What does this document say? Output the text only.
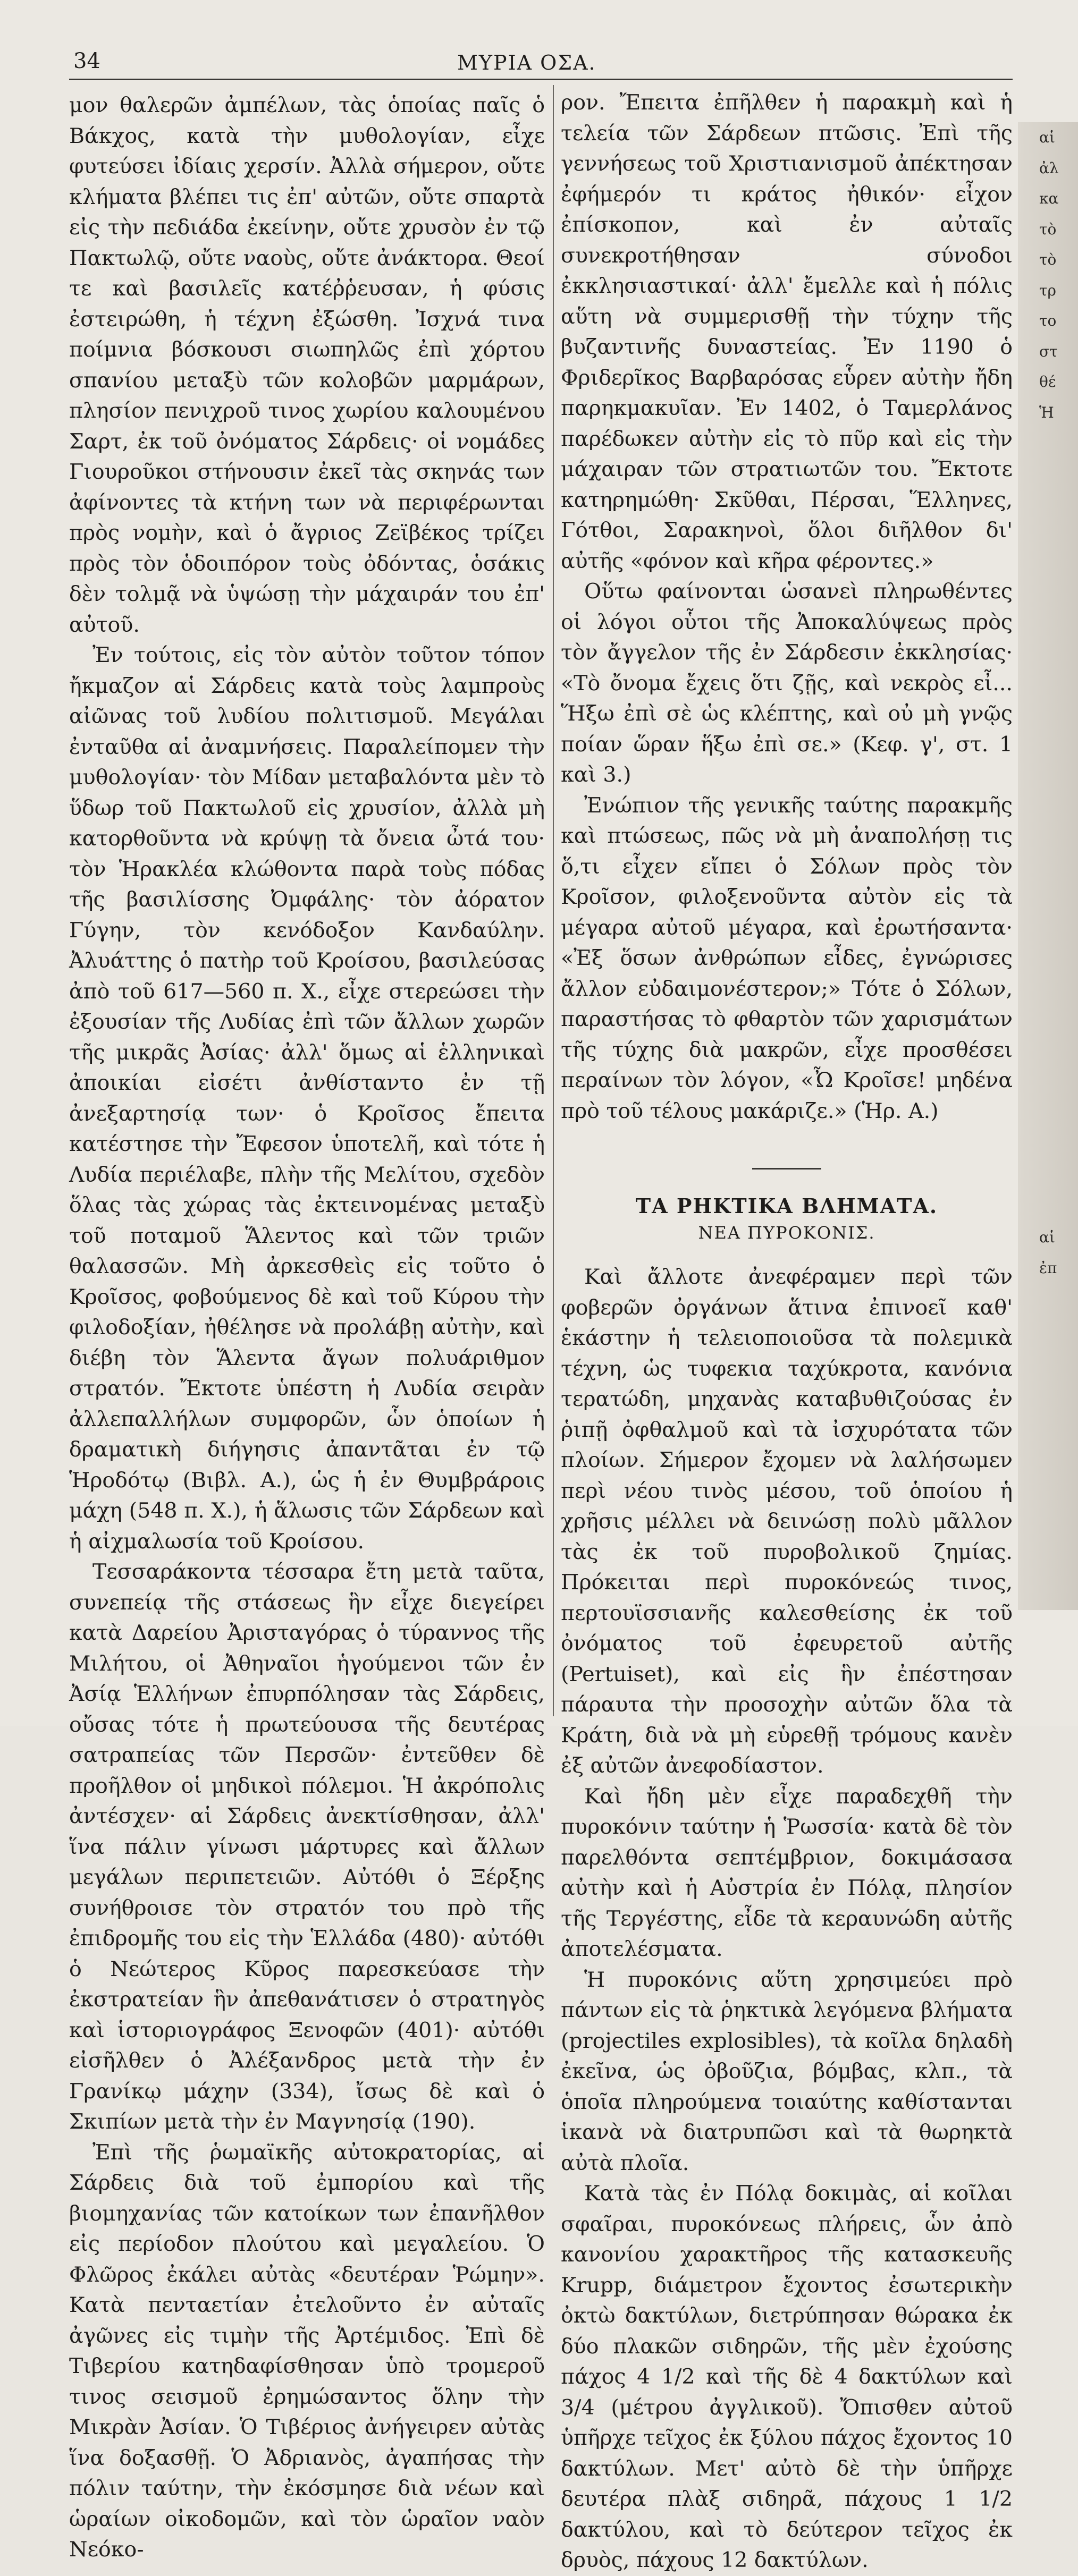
34	ΜΥΡΙΑ ΟΣΑ.

μον θαλερῶν ἀμπέλων, τὰς ὁποίας παῖς ὁ Βάκχος, κατὰ τὴν μυθολογίαν, εἶχε φυτεύσει ἰδίαις χερσίν. Ἀλλὰ σήμερον, οὔτε κλήματα βλέπει τις ἐπ' αὐτῶν, οὔτε σπαρτὰ εἰς τὴν πεδιάδα ἐκείνην, οὔτε χρυσὸν ἐν τῷ Πακτωλῷ, οὔτε ναοὺς, οὔτε ἀνάκτορα. Θεοί τε καὶ βασιλεῖς κατέῤῥευσαν, ἡ φύσις ἐστειρώθη, ἡ τέχνη ἐξώσθη. Ἰσχνά τινα ποίμνια βόσκουσι σιωπηλῶς ἐπὶ χόρτου σπανίου μεταξὺ τῶν κολοβῶν μαρμάρων, πλησίον πενιχροῦ τινος χωρίου καλουμένου Σαρτ, ἐκ τοῦ ὀνόματος Σάρδεις· οἱ νομάδες Γιουροῦκοι στήνουσιν ἐκεῖ τὰς σκηνάς των ἀφίνοντες τὰ κτήνη των νὰ περιφέρωνται πρὸς νομὴν, καὶ ὁ ἄγριος Ζεϊβέκος τρίζει πρὸς τὸν ὁδοιπόρον τοὺς ὀδόντας, ὁσάκις δὲν τολμᾷ νὰ ὑψώσῃ τὴν μάχαιράν του ἐπ' αὐτοῦ.

Ἐν τούτοις, εἰς τὸν αὐτὸν τοῦτον τόπον ἤκμαζον αἱ Σάρδεις κατὰ τοὺς λαμπροὺς αἰῶνας τοῦ λυδίου πολιτισμοῦ. Μεγάλαι ἐνταῦθα αἱ ἀναμνήσεις. Παραλείπομεν τὴν μυθολογίαν· τὸν Μίδαν μεταβαλόντα μὲν τὸ ὕδωρ τοῦ Πακτωλοῦ εἰς χρυσίον, ἀλλὰ μὴ κατορθοῦντα νὰ κρύψῃ τὰ ὄνεια ὦτά του· τὸν Ἡρακλέα κλώθοντα παρὰ τοὺς πόδας τῆς βασιλίσσης Ὀμφάλης· τὸν ἀόρατον Γύγην, τὸν κενόδοξον Κανδαύλην. Ἀλυάττης ὁ πατὴρ τοῦ Κροίσου, βασιλεύσας ἀπὸ τοῦ 617—560 π. Χ., εἶχε στερεώσει τὴν ἐξουσίαν τῆς Λυδίας ἐπὶ τῶν ἄλλων χωρῶν τῆς μικρᾶς Ἀσίας· ἀλλ' ὅμως αἱ ἑλληνικαὶ ἀποικίαι εἰσέτι ἀνθίσταντο ἐν τῇ ἀνεξαρτησίᾳ των· ὁ Κροῖσος ἔπειτα κατέστησε τὴν Ἔφεσον ὑποτελῆ, καὶ τότε ἡ Λυδία περιέλαβε, πλὴν τῆς Μελίτου, σχεδὸν ὅλας τὰς χώρας τὰς ἐκτεινομένας μεταξὺ τοῦ ποταμοῦ Ἅλεντος καὶ τῶν τριῶν θαλασσῶν. Μὴ ἀρκεσθεὶς εἰς τοῦτο ὁ Κροῖσος, φοβούμενος δὲ καὶ τοῦ Κύρου τὴν φιλοδοξίαν, ἠθέλησε νὰ προλάβῃ αὐτὴν, καὶ διέβη τὸν Ἅλεντα ἄγων πολυάριθμον στρατόν. Ἔκτοτε ὑπέστη ἡ Λυδία σειρὰν ἀλλεπαλλήλων συμφορῶν, ὧν ὁποίων ἡ δραματικὴ διήγησις ἀπαντᾶται ἐν τῷ Ἡροδότῳ (Βιβλ. Α.), ὡς ἡ ἐν Θυμβράροις μάχη (548 π. Χ.), ἡ ἅλωσις τῶν Σάρδεων καὶ ἡ αἰχμαλωσία τοῦ Κροίσου.

Τεσσαράκοντα τέσσαρα ἔτη μετὰ ταῦτα, συνεπείᾳ τῆς στάσεως ἣν εἶχε διεγείρει κατὰ Δαρείου Ἀρισταγόρας ὁ τύραννος τῆς Μιλήτου, οἱ Ἀθηναῖοι ἡγούμενοι τῶν ἐν Ἀσίᾳ Ἑλλήνων ἐπυρπόλησαν τὰς Σάρδεις, οὔσας τότε ἡ πρωτεύουσα τῆς δευτέρας σατραπείας τῶν Περσῶν· ἐντεῦθεν δὲ προῆλθον οἱ μηδικοὶ πόλεμοι. Ἡ ἀκρόπολις ἀντέσχεν· αἱ Σάρδεις ἀνεκτίσθησαν, ἀλλ' ἵνα πάλιν γίνωσι μάρτυρες καὶ ἄλλων μεγάλων περιπετειῶν. Αὐτόθι ὁ Ξέρξης συνήθροισε τὸν στρατόν του πρὸ τῆς ἐπιδρομῆς του εἰς τὴν Ἑλλάδα (480)· αὐτόθι ὁ Νεώτερος Κῦρος παρεσκεύασε τὴν ἐκστρατείαν ἣν ἀπεθανάτισεν ὁ στρατηγὸς καὶ ἱστοριογράφος Ξενοφῶν (401)· αὐτόθι εἰσῆλθεν ὁ Ἀλέξανδρος μετὰ τὴν ἐν Γρανίκῳ μάχην (334), ἴσως δὲ καὶ ὁ Σκιπίων μετὰ τὴν ἐν Μαγνησίᾳ (190).

Ἐπὶ τῆς ῥωμαϊκῆς αὐτοκρατορίας, αἱ Σάρδεις διὰ τοῦ ἐμπορίου καὶ τῆς βιομηχανίας τῶν κατοίκων των ἐπανῆλθον εἰς περίοδον πλούτου καὶ μεγαλείου. Ὁ Φλῶρος ἐκάλει αὐτὰς «δευτέραν Ῥώμην». Κατὰ πενταετίαν ἐτελοῦντο ἐν αὐταῖς ἀγῶνες εἰς τιμὴν τῆς Ἀρτέμιδος. Ἐπὶ δὲ Τιβερίου κατηδαφίσθησαν ὑπὸ τρομεροῦ τινος σεισμοῦ ἐρημώσαντος ὅλην τὴν Μικρὰν Ἀσίαν. Ὁ Τιβέριος ἀνήγειρεν αὐτὰς ἵνα δοξασθῇ. Ὁ Ἀδριανὸς, ἀγαπήσας τὴν πόλιν ταύτην, τὴν ἐκόσμησε διὰ νέων καὶ ὡραίων οἰκοδομῶν, καὶ τὸν ὡραῖον ναὸν Νεόκο-

ρον. Ἔπειτα ἐπῆλθεν ἡ παρακμὴ καὶ ἡ τελεία τῶν Σάρδεων πτῶσις. Ἐπὶ τῆς γεννήσεως τοῦ Χριστιανισμοῦ ἀπέκτησαν ἐφήμερόν τι κράτος ἠθικόν· εἶχον ἐπίσκοπον, καὶ ἐν αὐταῖς συνεκροτήθησαν σύνοδοι ἐκκλησιαστικαί· ἀλλ' ἔμελλε καὶ ἡ πόλις αὕτη νὰ συμμερισθῇ τὴν τύχην τῆς βυζαντινῆς δυναστείας. Ἐν 1190 ὁ Φριδερῖκος Βαρβαρόσας εὗρεν αὐτὴν ἤδη παρηκμακυῖαν. Ἐν 1402, ὁ Ταμερλάνος παρέδωκεν αὐτὴν εἰς τὸ πῦρ καὶ εἰς τὴν μάχαιραν τῶν στρατιωτῶν του. Ἔκτοτε κατηρημώθη· Σκῦθαι, Πέρσαι, Ἕλληνες, Γότθοι, Σαρακηνοὶ, ὅλοι διῆλθον δι' αὐτῆς «φόνον καὶ κῆρα φέροντες.»

Οὕτω φαίνονται ὡσανεὶ πληρωθέντες οἱ λόγοι οὗτοι τῆς Ἀποκαλύψεως πρὸς τὸν ἄγγελον τῆς ἐν Σάρδεσιν ἐκκλησίας· «Τὸ ὄνομα ἔχεις ὅτι ζῇς, καὶ νεκρὸς εἶ... Ἥξω ἐπὶ σὲ ὡς κλέπτης, καὶ οὐ μὴ γνῷς ποίαν ὥραν ἥξω ἐπὶ σε.» (Κεφ. γ', στ. 1 καὶ 3.)

Ἐνώπιον τῆς γενικῆς ταύτης παρακμῆς καὶ πτώσεως, πῶς νὰ μὴ ἀναπολήσῃ τις ὅ,τι εἶχεν εἴπει ὁ Σόλων πρὸς τὸν Κροῖσον, φιλοξενοῦντα αὐτὸν εἰς τὰ μέγαρα αὐτοῦ μέγαρα, καὶ ἐρωτήσαντα· «Ἐξ ὅσων ἀνθρώπων εἶδες, ἐγνώρισες ἄλλον εὐδαιμονέστερον;» Τότε ὁ Σόλων, παραστήσας τὸ φθαρτὸν τῶν χαρισμάτων τῆς τύχης διὰ μακρῶν, εἶχε προσθέσει περαίνων τὸν λόγον, «Ὦ Κροῖσε! μηδένα πρὸ τοῦ τέλους μακάριζε.» (Ἡρ. Α.)

ΤΑ ΡΗΚΤΙΚΑ ΒΛΗΜΑΤΑ.
ΝΕΑ ΠΥΡΟΚΟΝΙΣ.

Καὶ ἄλλοτε ἀνεφέραμεν περὶ τῶν φοβερῶν ὀργάνων ἅτινα ἐπινοεῖ καθ' ἑκάστην ἡ τελειοποιοῦσα τὰ πολεμικὰ τέχνη, ὡς τυφεκια ταχύκροτα, κανόνια τερατώδη, μηχανὰς καταβυθιζούσας ἐν ῥιπῇ ὀφθαλμοῦ καὶ τὰ ἰσχυρότατα τῶν πλοίων. Σήμερον ἔχομεν νὰ λαλήσωμεν περὶ νέου τινὸς μέσου, τοῦ ὁποίου ἡ χρῆσις μέλλει νὰ δεινώσῃ πολὺ μᾶλλον τὰς ἐκ τοῦ πυροβολικοῦ ζημίας. Πρόκειται περὶ πυροκόνεώς τινος, περτουϊσσιανῆς καλεσθείσης ἐκ τοῦ ὀνόματος τοῦ ἐφευρετοῦ αὐτῆς (Pertuiset), καὶ εἰς ἣν ἐπέστησαν πάραυτα τὴν προσοχὴν αὐτῶν ὅλα τὰ Κράτη, διὰ νὰ μὴ εὑρεθῇ τρόμους κανὲν ἐξ αὐτῶν ἀνεφοδίαστον.

Καὶ ἤδη μὲν εἶχε παραδεχθῆ τὴν πυροκόνιν ταύτην ἡ Ῥωσσία· κατὰ δὲ τὸν παρελθόντα σεπτέμβριον, δοκιμάσασα αὐτὴν καὶ ἡ Αὐστρία ἐν Πόλᾳ, πλησίον τῆς Τεργέστης, εἶδε τὰ κεραυνώδη αὐτῆς ἀποτελέσματα.

Ἡ πυροκόνις αὕτη χρησιμεύει πρὸ πάντων εἰς τὰ ῥηκτικὰ λεγόμενα βλήματα (projectiles explosibles), τὰ κοῖλα δηλαδὴ ἐκεῖνα, ὡς ὀβοῦζια, βόμβας, κλπ., τὰ ὁποῖα πληρούμενα τοιαύτης καθίστανται ἱκανὰ νὰ διατρυπῶσι καὶ τὰ θωρηκτὰ αὐτὰ πλοῖα.

Κατὰ τὰς ἐν Πόλᾳ δοκιμὰς, αἱ κοῖλαι σφαῖραι, πυροκόνεως πλήρεις, ὧν ἀπὸ κανονίου χαρακτῆρος τῆς κατασκευῆς Krupp, διάμετρον ἔχοντος ἐσωτερικὴν ὀκτὼ δακτύλων, διετρύπησαν θώρακα ἐκ δύο πλακῶν σιδηρῶν, τῆς μὲν ἐχούσης πάχος 4 1/2 καὶ τῆς δὲ 4 δακτύλων καὶ 3/4 (μέτρου ἀγγλικοῦ). Ὄπισθεν αὐτοῦ ὑπῆρχε τεῖχος ἐκ ξύλου πάχος ἔχοντος 10 δακτύλων. Μετ' αὐτὸ δὲ τὴν ὑπῆρχε δευτέρα πλὰξ σιδηρᾶ, πάχους 1 1/2 δακτύλου, καὶ τὸ δεύτερον τεῖχος ἐκ δρυὸς, πάχους 12 δακτύλων.

αἱ
ἀλ
κα
τὸ
τὸ
τρ
το
στ
θέ
Ἡ
αἱ
ἐπ
